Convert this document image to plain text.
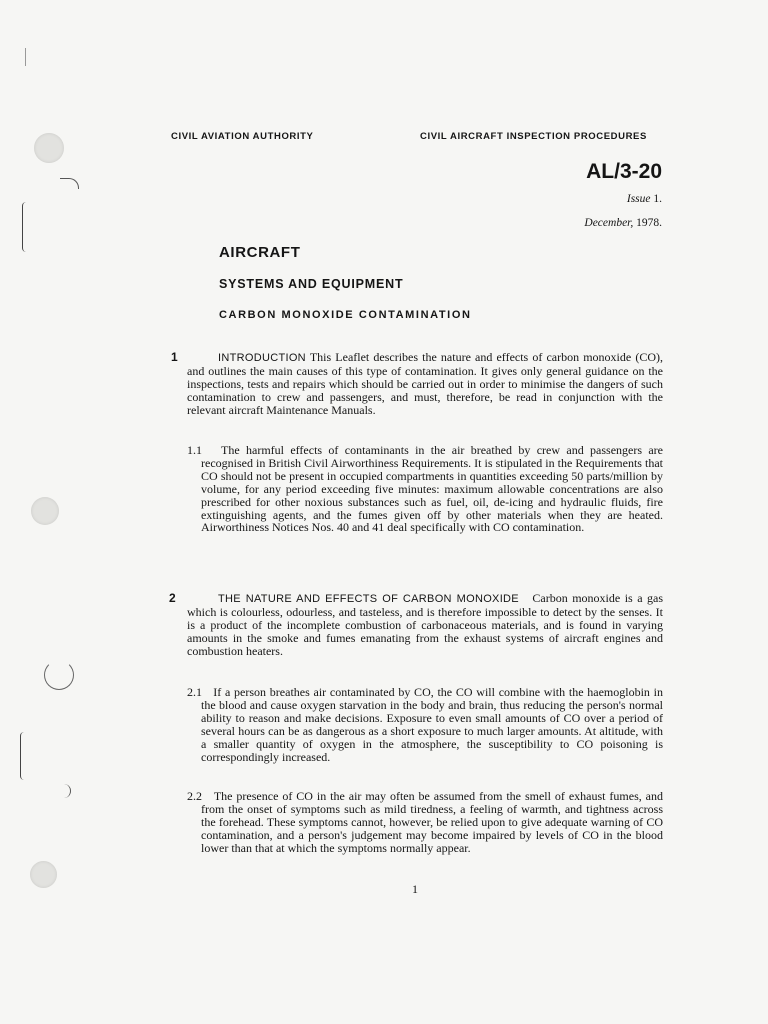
CIVIL AVIATION AUTHORITY	CIVIL AIRCRAFT INSPECTION PROCEDURES
AL/3-20
Issue 1.
December, 1978.
AIRCRAFT
SYSTEMS AND EQUIPMENT
CARBON MONOXIDE CONTAMINATION
1	INTRODUCTION This Leaflet describes the nature and effects of carbon monoxide (CO), and outlines the main causes of this type of contamination. It gives only general guidance on the inspections, tests and repairs which should be carried out in order to minimise the dangers of such contamination to crew and passengers, and must, therefore, be read in conjunction with the relevant aircraft Maintenance Manuals.

1.1 The harmful effects of contaminants in the air breathed by crew and passengers are recognised in British Civil Airworthiness Requirements. It is stipulated in the Requirements that CO should not be present in occupied compartments in quantities exceeding 50 parts/million by volume, for any period exceeding five minutes: maximum allowable concentrations are also prescribed for other noxious substances such as fuel, oil, de-icing and hydraulic fluids, fire extinguishing agents, and the fumes given off by other materials when they are heated. Airworthiness Notices Nos. 40 and 41 deal specifically with CO contamination.

2	THE NATURE AND EFFECTS OF CARBON MONOXIDE Carbon monoxide is a gas which is colourless, odourless, and tasteless, and is therefore impossible to detect by the senses. It is a product of the incomplete combustion of carbonaceous materials, and is found in varying amounts in the smoke and fumes emanating from the exhaust systems of aircraft engines and combustion heaters.

2.1 If a person breathes air contaminated by CO, the CO will combine with the haemoglobin in the blood and cause oxygen starvation in the body and brain, thus reducing the person's normal ability to reason and make decisions. Exposure to even small amounts of CO over a period of several hours can be as dangerous as a short exposure to much larger amounts. At altitude, with a smaller quantity of oxygen in the atmosphere, the susceptibility to CO poisoning is correspondingly increased.

2.2 The presence of CO in the air may often be assumed from the smell of exhaust fumes, and from the onset of symptoms such as mild tiredness, a feeling of warmth, and tightness across the forehead. These symptoms cannot, however, be relied upon to give adequate warning of CO contamination, and a person's judgement may become impaired by levels of CO in the blood lower than that at which the symptoms normally appear.

1
